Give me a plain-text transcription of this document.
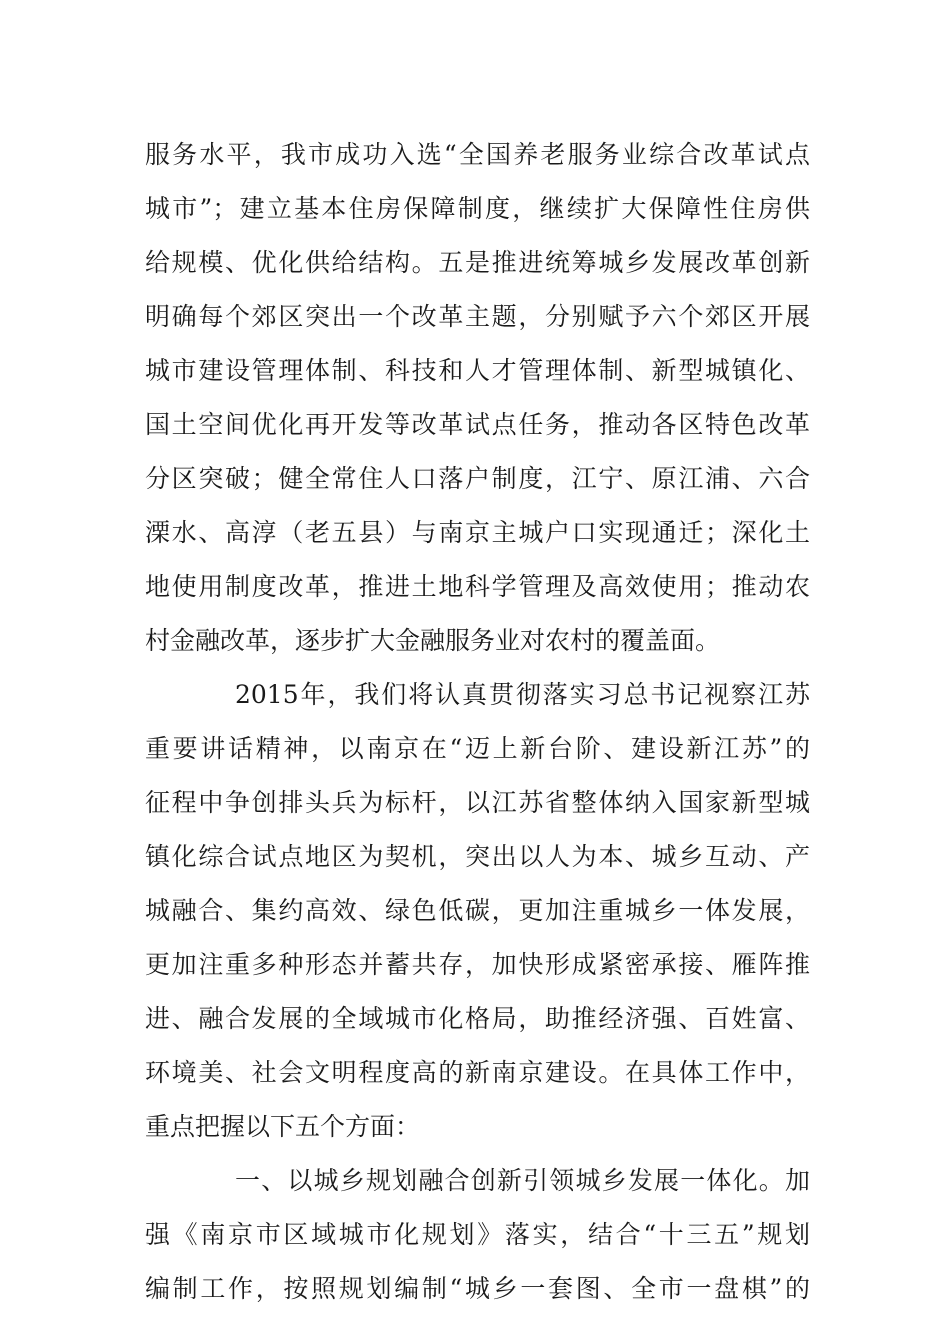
服务水平，我市成功入选“全国养老服务业综合改革试点
城市”；建立基本住房保障制度，继续扩大保障性住房供
给规模、优化供给结构。五是推进统筹城乡发展改革创新
明确每个郊区突出一个改革主题，分别赋予六个郊区开展
城市建设管理体制、科技和人才管理体制、新型城镇化、
国土空间优化再开发等改革试点任务，推动各区特色改革
分区突破；健全常住人口落户制度，江宁、原江浦、六合
溧水、高淳（老五县）与南京主城户口实现通迁；深化土
地使用制度改革，推进土地科学管理及高效使用；推动农
村金融改革，逐步扩大金融服务业对农村的覆盖面。
2015年，我们将认真贯彻落实习总书记视察江苏
重要讲话精神，以南京在“迈上新台阶、建设新江苏”的
征程中争创排头兵为标杆，以江苏省整体纳入国家新型城
镇化综合试点地区为契机，突出以人为本、城乡互动、产
城融合、集约高效、绿色低碳，更加注重城乡一体发展，
更加注重多种形态并蓄共存，加快形成紧密承接、雁阵推
进、融合发展的全域城市化格局，助推经济强、百姓富、
环境美、社会文明程度高的新南京建设。在具体工作中，
重点把握以下五个方面：
一、以城乡规划融合创新引领城乡发展一体化。加
强《南京市区域城市化规划》落实，结合“十三五”规划
编制工作，按照规划编制“城乡一套图、全市一盘棋”的
